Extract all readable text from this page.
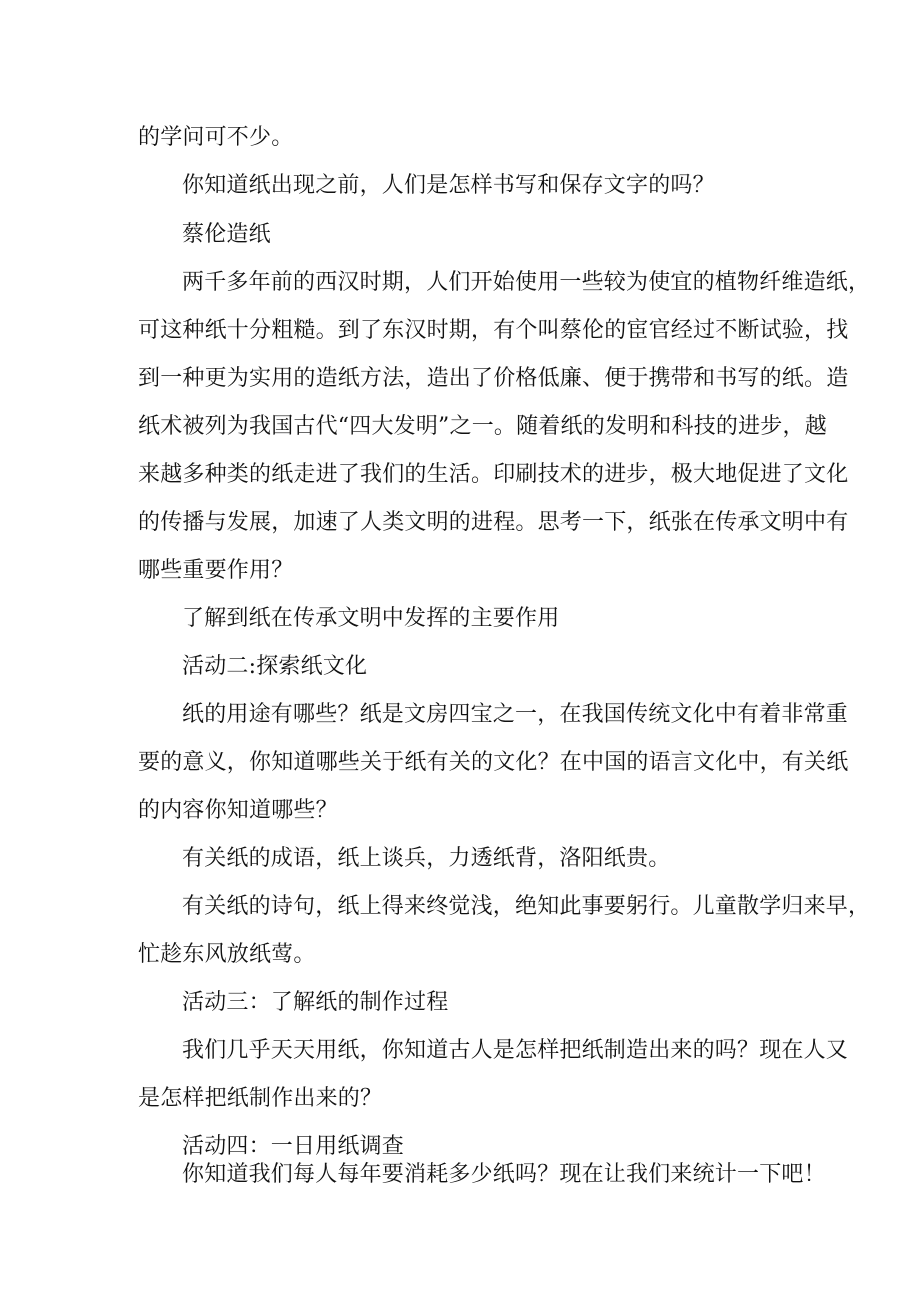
的学问可不少。
你知道纸出现之前，人们是怎样书写和保存文字的吗？
蔡伦造纸
两千多年前的西汉时期，人们开始使用一些较为使宜的植物纤维造纸，
可这种纸十分粗糙。到了东汉时期，有个叫蔡伦的宦官经过不断试验，找
到一种更为实用的造纸方法，造出了价格低廉、便于携带和书写的纸。造
纸术被列为我国古代“四大发明”之一。随着纸的发明和科技的进步，越
来越多种类的纸走进了我们的生活。印刷技术的进步，极大地促进了文化
的传播与发展，加速了人类文明的进程。思考一下，纸张在传承文明中有
哪些重要作用？
了解到纸在传承文明中发挥的主要作用
活动二:探索纸文化
纸的用途有哪些？纸是文房四宝之一，在我国传统文化中有着非常重
要的意义，你知道哪些关于纸有关的文化？在中国的语言文化中，有关纸
的内容你知道哪些？
有关纸的成语，纸上谈兵，力透纸背，洛阳纸贵。
有关纸的诗句，纸上得来终觉浅，绝知此事要躬行。儿童散学归来早，
忙趁东风放纸莺。
活动三：了解纸的制作过程
我们几乎天天用纸，你知道古人是怎样把纸制造出来的吗？现在人又
是怎样把纸制作出来的？
活动四：一日用纸调查
你知道我们每人每年要消耗多少纸吗？现在让我们来统计一下吧！
